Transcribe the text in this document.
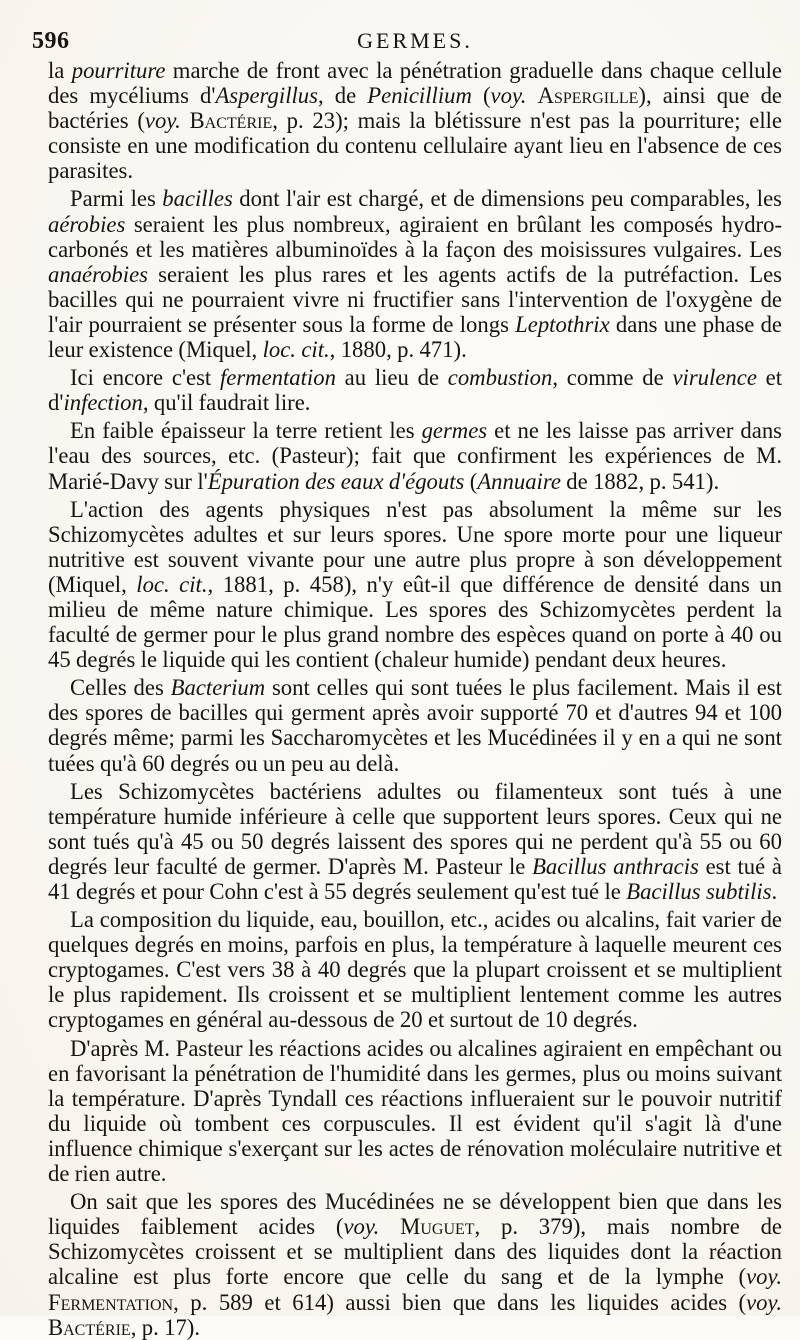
596	GERMES.

la pourriture marche de front avec la pénétration graduelle dans chaque cellule des mycéliums d'Aspergillus, de Penicillium (voy. Aspergille), ainsi que de bactéries (voy. Bactérie, p. 23); mais la blétissure n'est pas la pourriture; elle consiste en une modification du contenu cellulaire ayant lieu en l'absence de ces parasites.

Parmi les bacilles dont l'air est chargé, et de dimensions peu comparables, les aérobies seraient les plus nombreux, agiraient en brûlant les composés hydro-carbonés et les matières albuminoïdes à la façon des moisissures vulgaires. Les anaérobies seraient les plus rares et les agents actifs de la putréfaction. Les bacilles qui ne pourraient vivre ni fructifier sans l'intervention de l'oxygène de l'air pourraient se présenter sous la forme de longs Leptothrix dans une phase de leur existence (Miquel, loc. cit., 1880, p. 471).

Ici encore c'est fermentation au lieu de combustion, comme de virulence et d'infection, qu'il faudrait lire.

En faible épaisseur la terre retient les germes et ne les laisse pas arriver dans l'eau des sources, etc. (Pasteur); fait que confirment les expériences de M. Marié-Davy sur l'Épuration des eaux d'égouts (Annuaire de 1882, p. 541).

L'action des agents physiques n'est pas absolument la même sur les Schizomycètes adultes et sur leurs spores. Une spore morte pour une liqueur nutritive est souvent vivante pour une autre plus propre à son développement (Miquel, loc. cit., 1881, p. 458), n'y eût-il que différence de densité dans un milieu de même nature chimique. Les spores des Schizomycètes perdent la faculté de germer pour le plus grand nombre des espèces quand on porte à 40 ou 45 degrés le liquide qui les contient (chaleur humide) pendant deux heures.

Celles des Bacterium sont celles qui sont tuées le plus facilement. Mais il est des spores de bacilles qui germent après avoir supporté 70 et d'autres 94 et 100 degrés même; parmi les Saccharomycètes et les Mucédinées il y en a qui ne sont tuées qu'à 60 degrés ou un peu au delà.

Les Schizomycètes bactériens adultes ou filamenteux sont tués à une température humide inférieure à celle que supportent leurs spores. Ceux qui ne sont tués qu'à 45 ou 50 degrés laissent des spores qui ne perdent qu'à 55 ou 60 degrés leur faculté de germer. D'après M. Pasteur le Bacillus anthracis est tué à 41 degrés et pour Cohn c'est à 55 degrés seulement qu'est tué le Bacillus subtilis.

La composition du liquide, eau, bouillon, etc., acides ou alcalins, fait varier de quelques degrés en moins, parfois en plus, la température à laquelle meurent ces cryptogames. C'est vers 38 à 40 degrés que la plupart croissent et se multiplient le plus rapidement. Ils croissent et se multiplient lentement comme les autres cryptogames en général au-dessous de 20 et surtout de 10 degrés.

D'après M. Pasteur les réactions acides ou alcalines agiraient en empêchant ou en favorisant la pénétration de l'humidité dans les germes, plus ou moins suivant la température. D'après Tyndall ces réactions influeraient sur le pouvoir nutritif du liquide où tombent ces corpuscules. Il est évident qu'il s'agit là d'une influence chimique s'exerçant sur les actes de rénovation moléculaire nutritive et de rien autre.

On sait que les spores des Mucédinées ne se développent bien que dans les liquides faiblement acides (voy. Muguet, p. 379), mais nombre de Schizomycètes croissent et se multiplient dans des liquides dont la réaction alcaline est plus forte encore que celle du sang et de la lymphe (voy. Fermentation, p. 589 et 614) aussi bien que dans les liquides acides (voy. Bactérie, p. 17).
